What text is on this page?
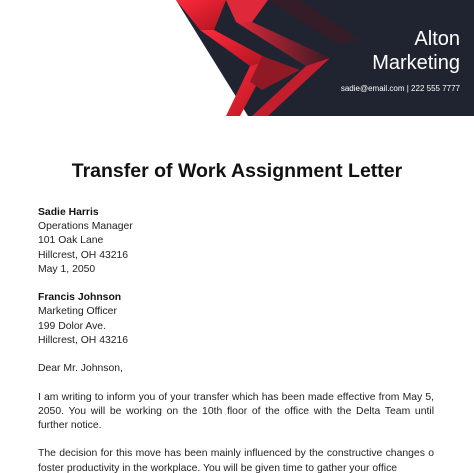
Alton
Marketing
sadie@email.com | 222 555 7777
Transfer of Work Assignment Letter
Sadie Harris
Operations Manager
101 Oak Lane
Hillcrest, OH 43216
May 1, 2050
Francis Johnson
Marketing Officer
199 Dolor Ave.
Hillcrest, OH 43216

Dear Mr. Johnson,

I am writing to inform you of your transfer which has been made effective from May 5, 2050. You will be working on the 10th floor of the office with the Delta Team until further notice.

The decision for this move has been mainly influenced by the constructive changes o foster productivity in the workplace. You will be given time to gather your office
